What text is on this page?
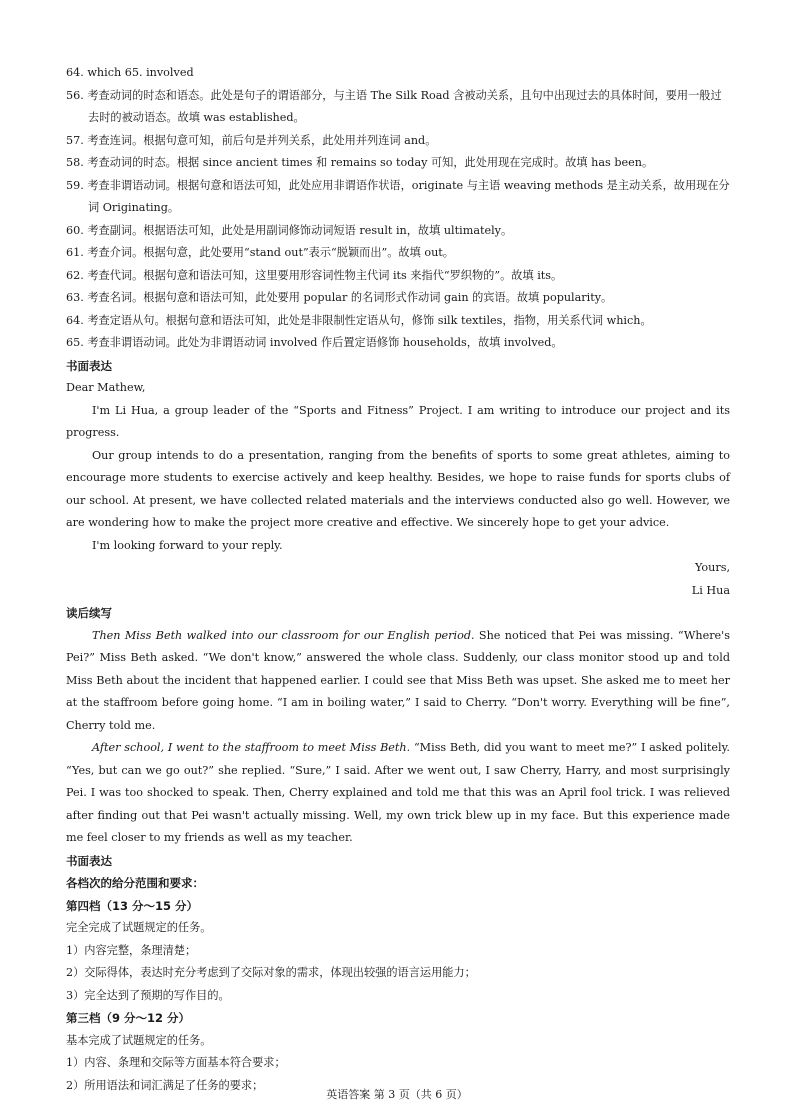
64. which 65. involved
56. 考查动词的时态和语态。此处是句子的谓语部分，与主语 The Silk Road 含被动关系，且句中出现过去的具体时间，要用一般过去时的被动语态。故填 was established。
57. 考查连词。根据句意可知，前后句是并列关系，此处用并列连词 and。
58. 考查动词的时态。根据 since ancient times 和 remains so today 可知，此处用现在完成时。故填 has been。
59. 考查非谓语动词。根据句意和语法可知，此处应用非谓语作状语，originate 与主语 weaving methods 是主动关系，故用现在分词 Originating。
60. 考查副词。根据语法可知，此处是用副词修饰动词短语 result in，故填 ultimately。
61. 考查介词。根据句意，此处要用“stand out”表示“脱颖而出”。故填 out。
62. 考查代词。根据句意和语法可知，这里要用形容词性物主代词 its 来指代“罗织物的”。故填 its。
63. 考查名词。根据句意和语法可知，此处要用 popular 的名词形式作动词 gain 的宾语。故填 popularity。
64. 考查定语从句。根据句意和语法可知，此处是非限制性定语从句，修饰 silk textiles，指物，用关系代词 which。
65. 考查非谓语动词。此处为非谓语动词 involved 作后置定语修饰 households，故填 involved。
书面表达
Dear Mathew,
I'm Li Hua, a group leader of the “Sports and Fitness” Project. I am writing to introduce our project and its progress.
Our group intends to do a presentation, ranging from the benefits of sports to some great athletes, aiming to encourage more students to exercise actively and keep healthy. Besides, we hope to raise funds for sports clubs of our school. At present, we have collected related materials and the interviews conducted also go well. However, we are wondering how to make the project more creative and effective. We sincerely hope to get your advice.
I'm looking forward to your reply.
Yours,
Li Hua
读后续写
Then Miss Beth walked into our classroom for our English period. She noticed that Pei was missing. “Where's Pei?” Miss Beth asked. “We don't know,” answered the whole class. Suddenly, our class monitor stood up and told Miss Beth about the incident that happened earlier. I could see that Miss Beth was upset. She asked me to meet her at the staffroom before going home. “I am in boiling water,” I said to Cherry. “Don't worry. Everything will be fine”, Cherry told me.
After school, I went to the staffroom to meet Miss Beth. “Miss Beth, did you want to meet me?” I asked politely. “Yes, but can we go out?” she replied. “Sure,” I said. After we went out, I saw Cherry, Harry, and most surprisingly Pei. I was too shocked to speak. Then, Cherry explained and told me that this was an April fool trick. I was relieved after finding out that Pei wasn't actually missing. Well, my own trick blew up in my face. But this experience made me feel closer to my friends as well as my teacher.
书面表达
各档次的给分范围和要求：
第四档（13 分～15 分）
完全完成了试题规定的任务。
1）内容完整，条理清楚；
2）交际得体，表达时充分考虑到了交际对象的需求，体现出较强的语言运用能力；
3）完全达到了预期的写作目的。
第三档（9 分～12 分）
基本完成了试题规定的任务。
1）内容、条理和交际等方面基本符合要求；
2）所用语法和词汇满足了任务的要求；
英语答案 第 3 页（共 6 页）
